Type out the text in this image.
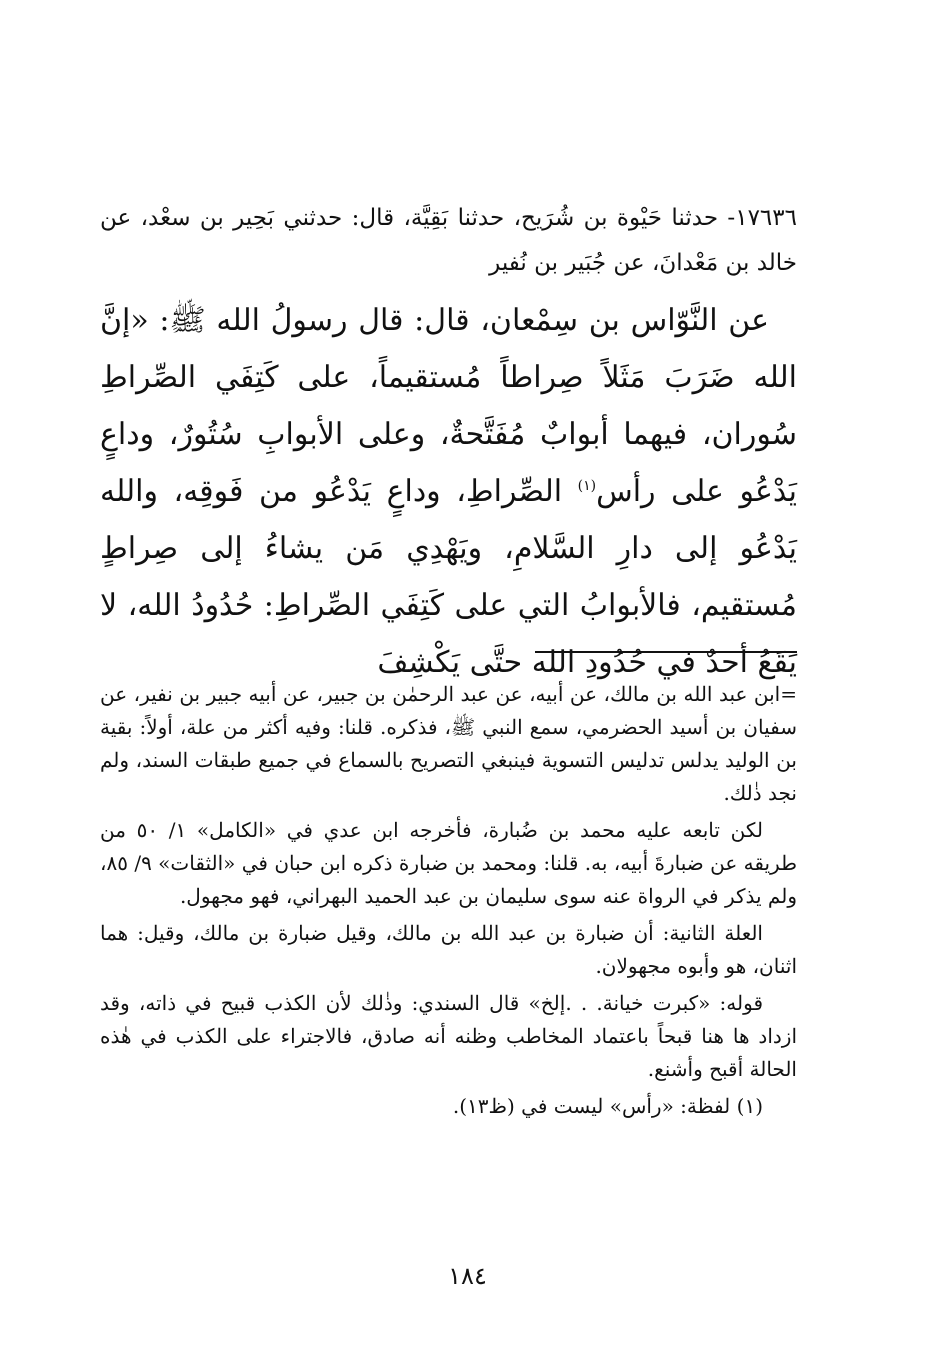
١٧٦٣٦- حدثنا حَيْوة بن شُرَيح، حدثنا بَقِيَّة، قال: حدثني بَحِير بن سعْد، عن خالد بن مَعْدانَ، عن جُبَير بن نُفير

عن النَّوّاس بن سِمْعان، قال: قال رسولُ الله ﷺ: «إنَّ الله ضَرَبَ مَثَلاً صِراطاً مُستقيماً، على كَتِفَي الصِّراطِ سُوران، فيهما أبوابٌ مُفَتَّحةٌ، وعلى الأبوابِ سُتُورٌ، وداعٍ يَدْعُو على رأس$^{(١)}$ الصِّراطِ، وداعٍ يَدْعُو من فَوقِه، والله يَدْعُو إلى دارِ السَّلامِ، ويَهْدِي مَن يشاءُ إلى صِراطٍ مُستقيم، فالأبوابُ التي على كَتِفَي الصِّراطِ: حُدُودُ الله، لا يَقَعُ أحدٌ في حُدُودِ الله حتَّى يَكْشِفَ

=ابن عبد الله بن مالك، عن أبيه، عن عبد الرحمٰن بن جبير، عن أبيه جبير بن نفير، عن سفيان بن أسيد الحضرمي، سمع النبي ﷺ، فذكره. قلنا: وفيه أكثر من علة، أولاً: بقية بن الوليد يدلس تدليس التسوية فينبغي التصريح بالسماع في جميع طبقات السند، ولم نجد ذٰلك.

لكن تابعه عليه محمد بن ضُبارة، فأخرجه ابن عدي في «الكامل» ١/ ٥٠ من طريقه عن ضبارةَ أبيه، به. قلنا: ومحمد بن ضبارة ذكره ابن حبان في «الثقات» ٩/ ٨٥، ولم يذكر في الرواة عنه سوى سليمان بن عبد الحميد البهراني، فهو مجهول.

العلة الثانية: أن ضبارة بن عبد الله بن مالك، وقيل ضبارة بن مالك، وقيل: هما اثنان، هو وأبوه مجهولان.

قوله: «كبرت خيانة. . .إلخ» قال السندي: وذٰلك لأن الكذب قبيح في ذاته، وقد ازداد ها هنا قبحاً باعتماد المخاطب وظنه أنه صادق، فالاجتراء على الكذب في هٰذه الحالة أقبح وأشنع.

(١) لفظة: «رأس» ليست في (ظ١٣).

١٨٤
